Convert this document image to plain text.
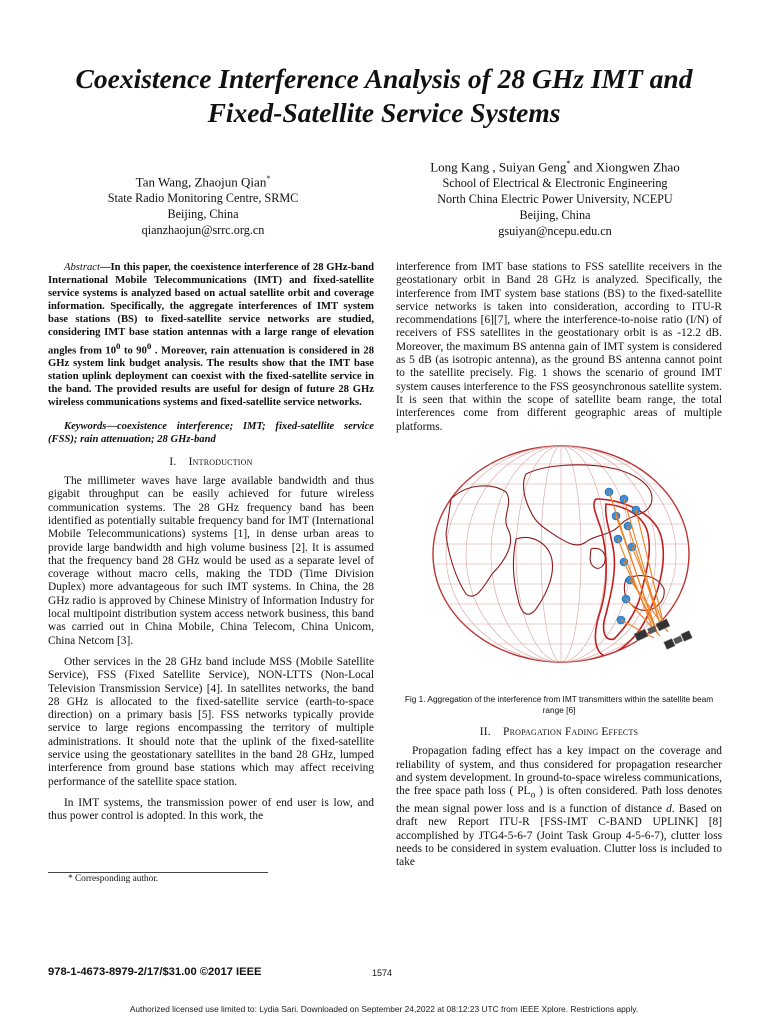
Coexistence Interference Analysis of 28 GHz IMT and Fixed-Satellite Service Systems
Tan Wang, Zhaojun Qian*
State Radio Monitoring Centre, SRMC
Beijing, China
qianzhaojun@srrc.org.cn
Long Kang , Suiyan Geng* and Xiongwen Zhao
School of Electrical & Electronic Engineering
North China Electric Power University, NCEPU
Beijing, China
gsuiyan@ncepu.edu.cn

Abstract—In this paper, the coexistence interference of 28 GHz-band International Mobile Telecommunications (IMT) and fixed-satellite service systems is analyzed based on actual satellite orbit and coverage information. Specifically, the aggregate interferences of IMT system base stations (BS) to fixed-satellite service networks are studied, considering IMT base station antennas with a large range of elevation angles from $10^0$ to $90^0$ . Moreover, rain attenuation is considered in 28 GHz system link budget analysis. The results show that the IMT base station uplink deployment can coexist with the fixed-satellite service in the band. The provided results are useful for design of future 28 GHz wireless communications systems and fixed-satellite service networks.

Keywords—coexistence interference; IMT; fixed-satellite service (FSS); rain attenuation; 28 GHz-band

I. Introduction

The millimeter waves have large available bandwidth and thus gigabit throughput can be easily achieved for future wireless communication systems. The 28 GHz frequency band has been identified as potentially suitable frequency band for IMT (International Mobile Telecommunications) systems [1], in dense urban areas to provide large bandwidth and high volume business [2]. It is assumed that the frequency band 28 GHz would be used as a separate level of coverage without macro cells, making the TDD (Time Division Duplex) more advantageous for such IMT systems. In China, the 28 GHz radio is approved by Chinese Ministry of Information Industry for local multipoint distribution system access network business, this band was carried out in China Mobile, China Telecom, China Unicom, China Netcom [3].

Other services in the 28 GHz band include MSS (Mobile Satellite Service), FSS (Fixed Satellite Service), NON-LTTS (Non-Local Television Transmission Service) [4]. In satellites networks, the band 28 GHz is allocated to the fixed-satellite service (earth-to-space direction) on a primary basis [5]. FSS networks typically provide service to large regions encompassing the territory of multiple administrations. It should note that the uplink of the fixed-satellite service using the geostationary satellites in the band 28 GHz, lumped interference from ground base stations which may affect receiving performance of the satellite space station.

In IMT systems, the transmission power of end user is low, and thus power control is adopted. In this work, the

interference from IMT base stations to FSS satellite receivers in the geostationary orbit in Band 28 GHz is analyzed. Specifically, the interference from IMT system base stations (BS) to the fixed-satellite service networks is taken into consideration, according to ITU-R recommendations [6][7], where the interference-to-noise ratio (I/N) of receivers of FSS satellites in the geostationary orbit is as -12.2 dB. Moreover, the maximum BS antenna gain of IMT system is considered as 5 dB (as isotropic antenna), as the ground BS antenna cannot point to the satellite precisely. Fig. 1 shows the scenario of ground IMT system causes interference to the FSS geosynchronous satellite system. It is seen that within the scope of satellite beam range, the total interferences come from different geographic areas of multiple platforms.

Fig 1. Aggregation of the interference from IMT transmitters within the satellite beam range [6]

II. Propagation Fading Effects

Propagation fading effect has a key impact on the coverage and reliability of system, and thus considered for propagation researcher and system development. In ground-to-space wireless communications, the free space path loss ( $PL_o$ ) is often considered. Path loss denotes the mean signal power loss and is a function of distance d. Based on draft new Report ITU-R [FSS-IMT C-BAND UPLINK] [8] accomplished by JTG4-5-6-7 (Joint Task Group 4-5-6-7), clutter loss needs to be considered in system evaluation. Clutter loss is included to take

* Corresponding author.
978-1-4673-8979-2/17/$31.00 ©2017 IEEE	1574
Authorized licensed use limited to: Lydia Sari. Downloaded on September 24,2022 at 08:12:23 UTC from IEEE Xplore. Restrictions apply.
